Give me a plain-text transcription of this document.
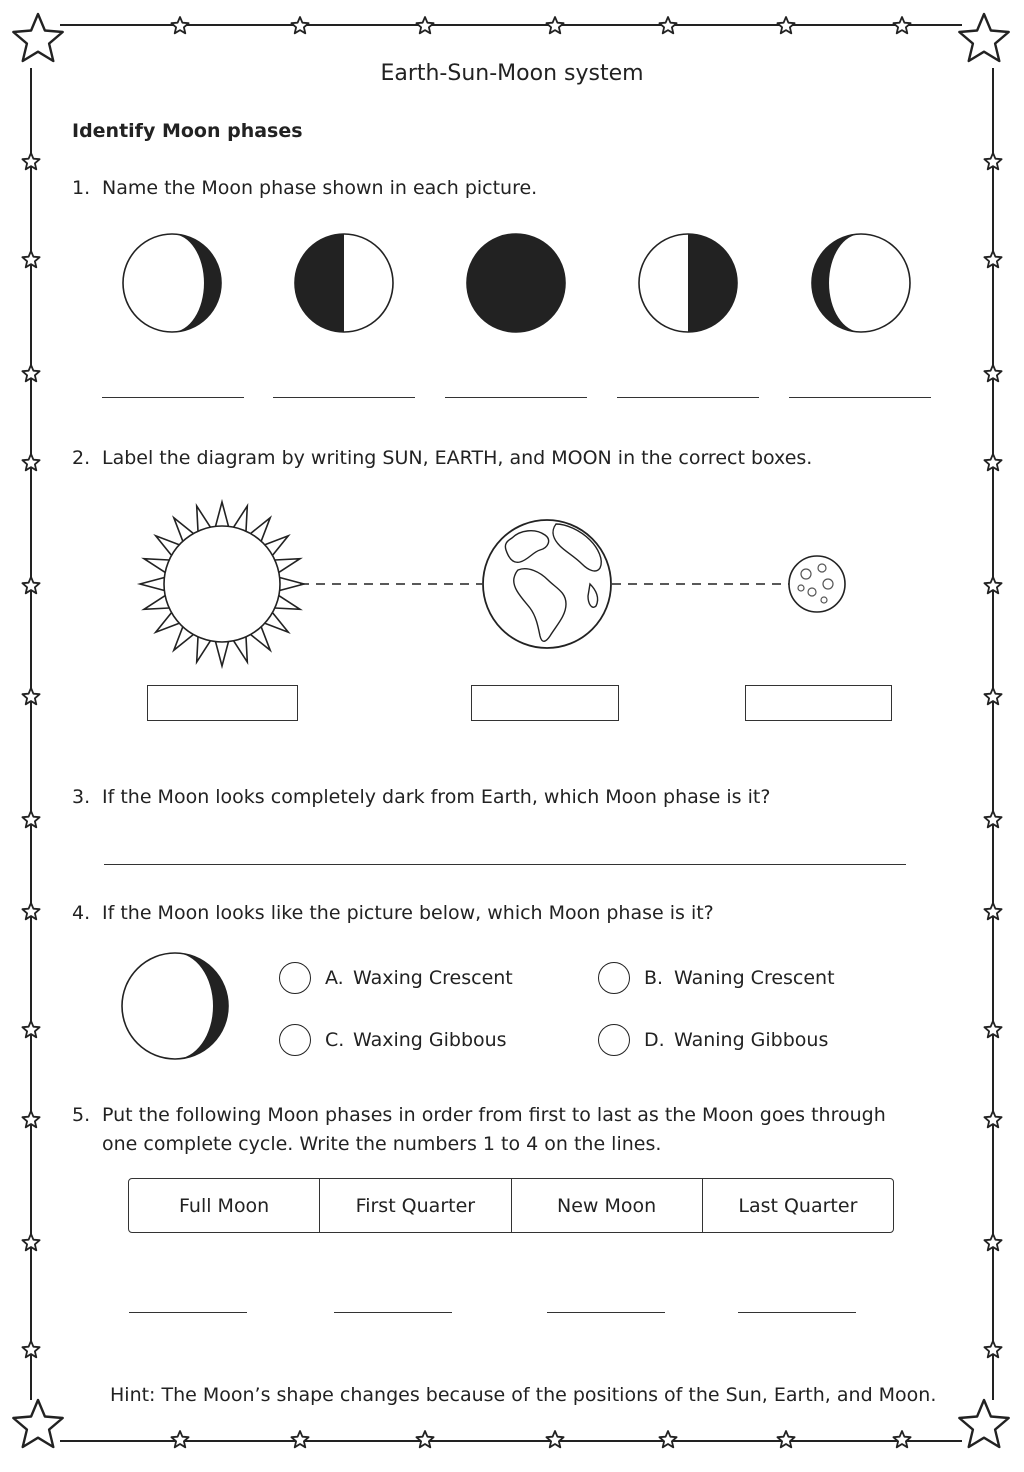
Earth-Sun-Moon system
Identify Moon phases
1. Name the Moon phase shown in each picture.
2. Label the diagram by writing SUN, EARTH, and MOON in the correct boxes.
3. If the Moon looks completely dark from Earth, which Moon phase is it?
4. If the Moon looks like the picture below, which Moon phase is it?
A. Waxing Crescent	B. Waning Crescent
C. Waxing Gibbous	D. Waning Gibbous
5. Put the following Moon phases in order from first to last as the Moon goes through
one complete cycle. Write the numbers 1 to 4 on the lines.
Full Moon	First Quarter	New Moon	Last Quarter
Hint: The Moon’s shape changes because of the positions of the Sun, Earth, and Moon.
